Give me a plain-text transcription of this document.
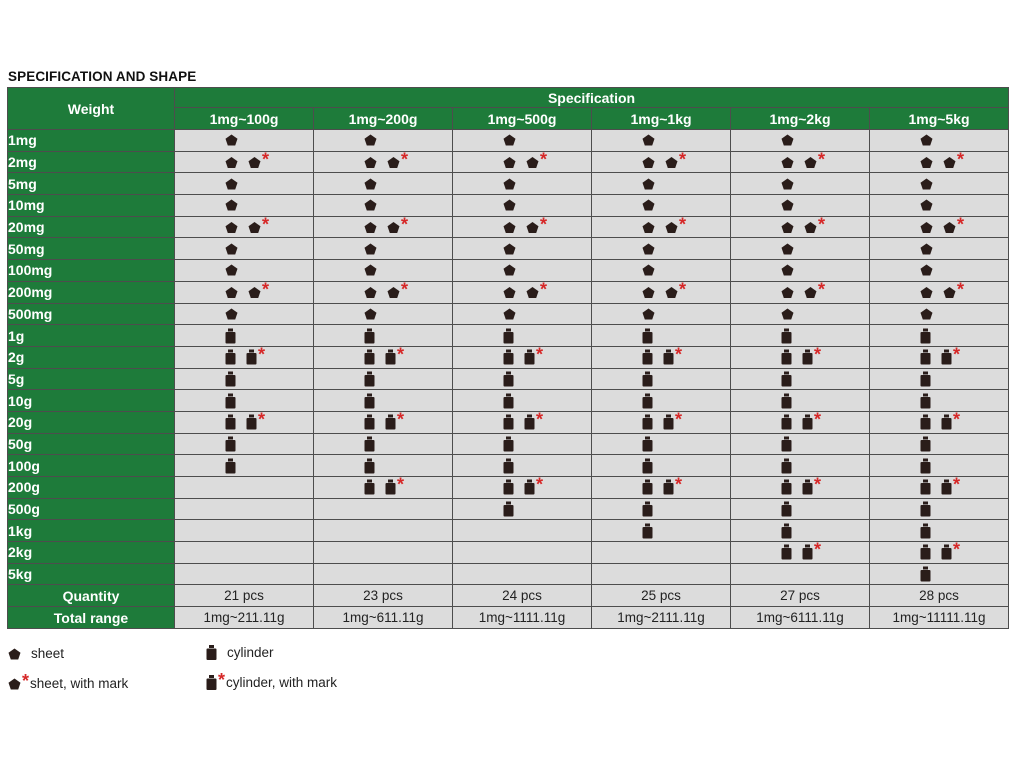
SPECIFICATION AND SHAPE
Weight	Specification					
	1mg~100g	1mg~200g	1mg~500g	1mg~1kg	1mg~2kg	1mg~5kg
1mg	

2mg	*	*	*	*	*	*

5mg	

10mg	

20mg	*	*	*	*	*	*

50mg	

100mg	

200mg	*	*	*	*	*	*

500mg	

1g	

2g	*	*	*	*	*	*

5g	

10g	

20g	*	*	*	*	*	*

50g	

100g	

200g		*	*	*	*	*

500g			

1kg				

2kg					*	*

5kg						

Quantity	21 pcs	23 pcs	24 pcs	25 pcs	27 pcs	28 pcs
Total range	1mg~211.11g	1mg~611.11g	1mg~1111.11g	1mg~2111.11g	1mg~6111.11g	1mg~11111.11g
sheet
* sheet, with mark
cylinder
* cylinder, with mark
